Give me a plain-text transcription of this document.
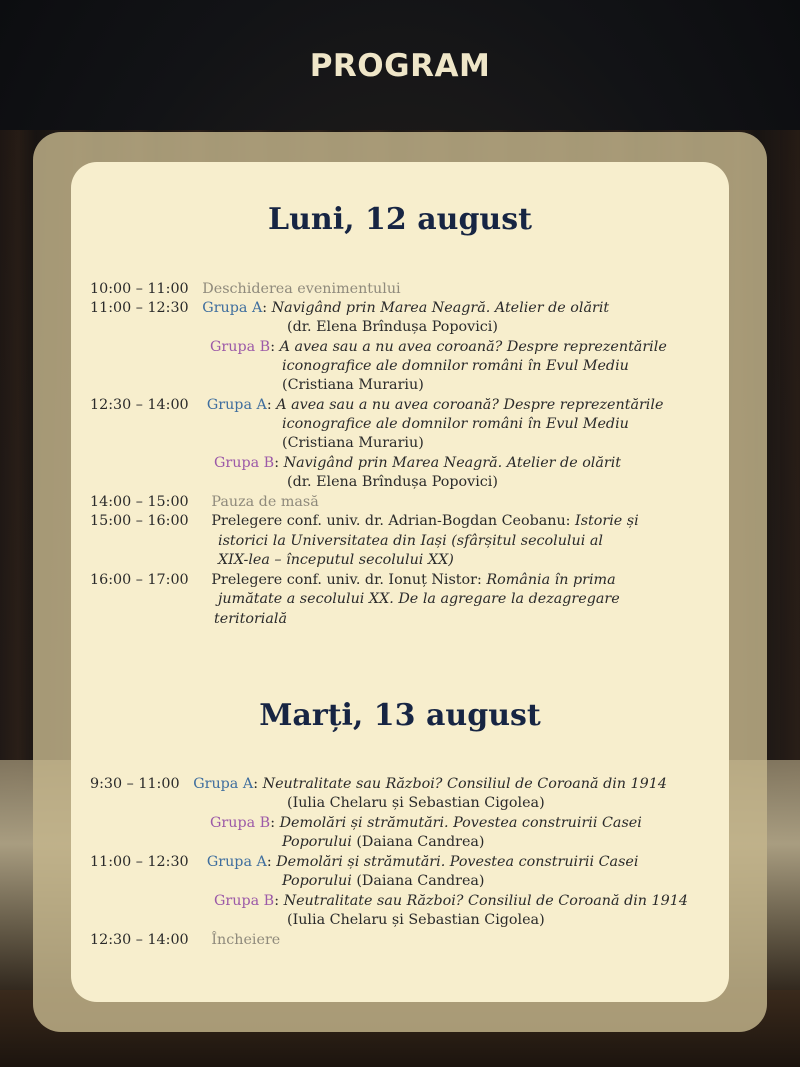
PROGRAM
Luni, 12 august
10:00 – 11:00 Deschiderea evenimentului
11:00 – 12:30 Grupa A: Navigând prin Marea Neagră. Atelier de olărit
(dr. Elena Brîndușa Popovici)
Grupa B: A avea sau a nu avea coroană? Despre reprezentările
iconografice ale domnilor români în Evul Mediu
(Cristiana Murariu)
12:30 – 14:00 Grupa A: A avea sau a nu avea coroană? Despre reprezentările
iconografice ale domnilor români în Evul Mediu
(Cristiana Murariu)
Grupa B: Navigând prin Marea Neagră. Atelier de olărit
(dr. Elena Brîndușa Popovici)
14:00 – 15:00 Pauza de masă
15:00 – 16:00 Prelegere conf. univ. dr. Adrian-Bogdan Ceobanu: Istorie și
istorici la Universitatea din Iași (sfârșitul secolului al
XIX-lea – începutul secolului XX)
16:00 – 17:00 Prelegere conf. univ. dr. Ionuț Nistor: România în prima
jumătate a secolului XX. De la agregare la dezagregare
teritorială
Marți, 13 august
9:30 – 11:00 Grupa A: Neutralitate sau Război? Consiliul de Coroană din 1914
(Iulia Chelaru și Sebastian Cigolea)
Grupa B: Demolări și strămutări. Povestea construirii Casei
Poporului (Daiana Candrea)
11:00 – 12:30 Grupa A: Demolări și strămutări. Povestea construirii Casei
Poporului (Daiana Candrea)
Grupa B: Neutralitate sau Război? Consiliul de Coroană din 1914
(Iulia Chelaru și Sebastian Cigolea)
12:30 – 14:00 Încheiere
